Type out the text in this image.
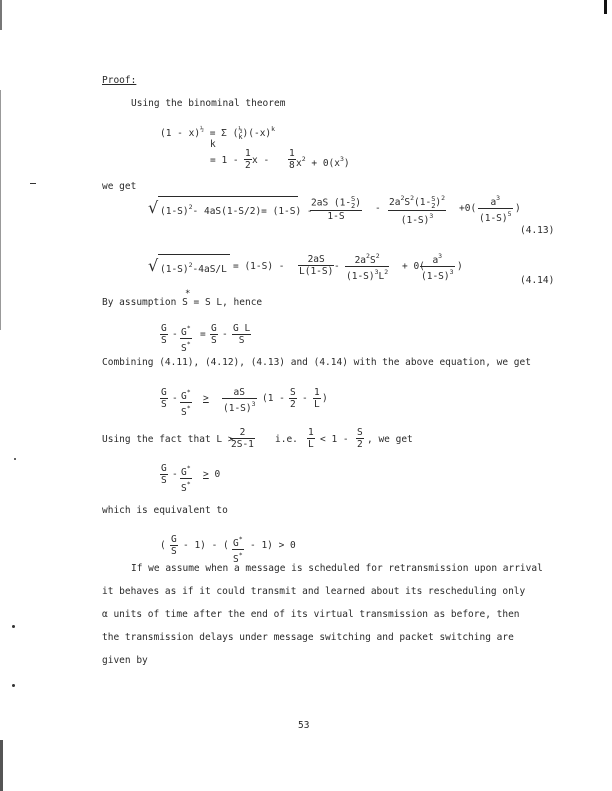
Proof:
Using the binominal theorem
(1 - x)$^{\frac{1}{2}}$ = Σ (½
$k)(-x)^k$
k
= $1 - \frac{1}{2}$ $x - \frac{1}{8} x^2 + 0(x^3)$
we get
√ $(1-S)^2-$ 4aS(1-S/2)= (1-S) -
2aS (1-S
2)
1-S
-
$2a^2S^2(1-S$
2)$^2$
$(1-S)^3$
$+0( \frac{a^3}{(1-S)^5}$ )
(4.13)
√ $(1-S)^2-4aS/L = (1-S) - \frac{2aS}{L(1-S)} - \frac{2a^2S^2}{(1-S)^3L^2} + 0$(
$\frac{a^3}{(1-S)^3}$ )
(4.14)
*
By assumption S = S L, hence
$\frac{G}{S} - \frac{G^*}{S^*} = \frac{G}{S} - \frac{\text{G L}}{S}$
Combining (4.11), (4.12), (4.13) and (4.14) with the above equation, we get
$\frac{G}{S} - \frac{G^*}{S^*} > \frac{aS}{(1-S)^3} (1 - \frac{S}{2} - \frac{1}{L}$ )
Using the fact that L >
$\frac{2}{2S-1} i.e$. $\frac{1}{L} < 1 - \frac{S}{2}$ , we get
$\frac{G}{S} - \frac{G^*}{S^*} \ge 0$
which is equivalent to
( $\frac{G}{S} - 1$) - ( $\frac{G^*}{S^*} - 1) > 0$
If we assume when a message is scheduled for retransmission upon arrival
it behaves as if it could transmit and learned about its rescheduling only
α units of time after the end of its virtual transmission as before, then
the transmission delays under message switching and packet switching are
given by
53
